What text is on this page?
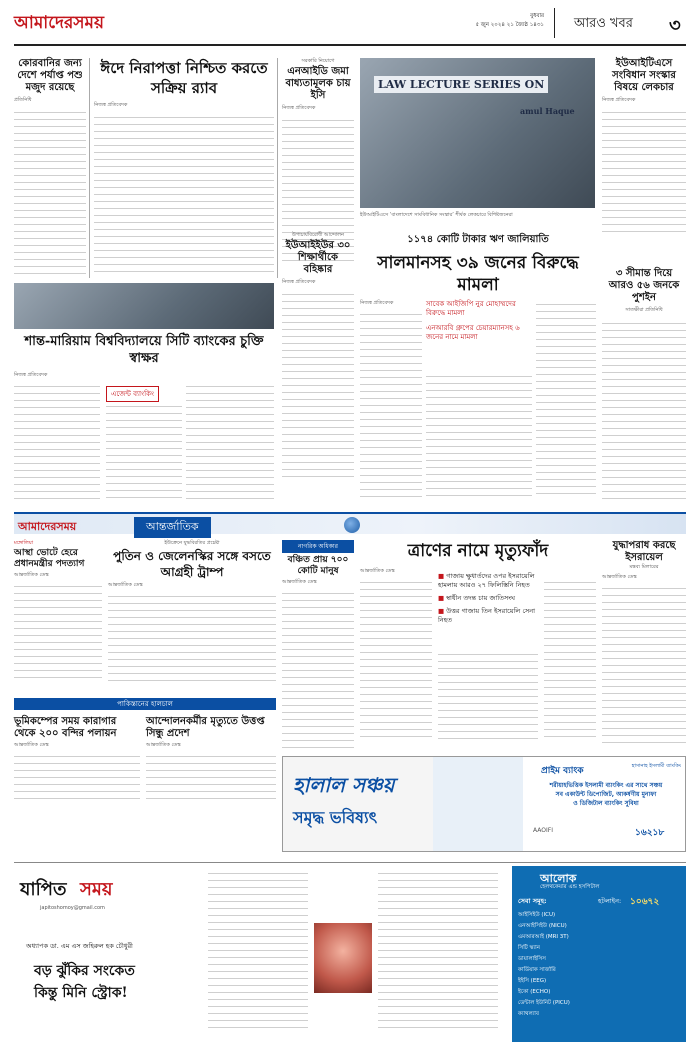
আমাদেরসময়	বুধবার
৫ জুন ২০২৪ ২১ জ্যৈষ্ঠ ১৪৩১ আরও খবর ৩
কোরবানির জন্য দেশে পর্যাপ্ত পশু মজুদ রয়েছে
প্রতিনিধি
ঈদে নিরাপত্তা নিশ্চিত করতে সক্রিয় র‌্যাব
নিজস্ব প্রতিবেদক
সরকারি নিয়োগে
এনআইডি জমা বাধ্যতামূলক চায় ইসি
নিজস্ব প্রতিবেদক
LAW LECTURE SERIES ON
amul Haque
ইউআইটিএসে ‘বাংলাদেশে সাংবিধানিক সংস্কার’ শীর্ষক লেকচারে বিশিষ্টজনেরা
ইউআইটিএসে সংবিধান সংস্কার বিষয়ে লেকচার
নিজস্ব প্রতিবেদক
৩ সীমান্ত দিয়ে আরও ৫৬ জনকে পুশইন
সাতক্ষীরা প্রতিনিধি
১১৭৪ কোটি টাকার ঋণ জালিয়াতি
সালমানসহ ৩৯ জনের বিরুদ্ধে মামলা
সাবেক আইজিপি নুর মোহাম্মদের বিরুদ্ধে মামলা
এনআরবি গ্রুপের চেয়ারম্যানসহ ৬ জনের নামে মামলা
নিজস্ব প্রতিবেদক
উপাচার্যবিরোধী আন্দোলন
ইউআইইউর ৩০ শিক্ষার্থীকে বহিষ্কার
নিজস্ব প্রতিবেদক
শান্ত-মারিয়াম বিশ্ববিদ্যালয়ে সিটি ব্যাংকের চুক্তি স্বাক্ষর
নিজস্ব প্রতিবেদক
এজেন্ট ব্যাংকিং
আমাদেরসময়	আন্তর্জাতিক
মঙ্গোলিয়া
আস্থা ভোটে হেরে প্রধানমন্ত্রীর পদত্যাগ
আন্তর্জাতিক ডেস্ক
ইউক্রেনে যুদ্ধবিরতির প্রচেষ্টা
পুতিন ও জেলেনস্কির সঙ্গে বসতে আগ্রহী ট্রাম্প
আন্তর্জাতিক ডেস্ক
নাগরিক অধিকার
বঞ্চিত প্রায় ৭০০ কোটি মানুষ
আন্তর্জাতিক ডেস্ক
ত্রাণের নামে মৃত্যুফাঁদ
আন্তর্জাতিক ডেস্ক
■ গাজায় ক্ষুধার্তদের ওপর ইসরায়েলি হামলায় আরও ২৭ ফিলিস্তিনি নিহত
■ ম্বাধীন তদন্ত চায় জাতিসংঘ
■ উত্তর গাজায় তিন ইসরায়েলি সেনা নিহত
যুদ্ধাপরাধ করছে ইসরায়েল
মন্তব্য মিলারের
আন্তর্জাতিক ডেস্ক
পাকিস্তানের হালচাল
ভূমিকম্পের সময় কারাগার থেকে ২০০ বন্দির পলায়ন
আন্তর্জাতিক ডেস্ক
আন্দোলনকর্মীর মৃত্যুতে উত্তপ্ত সিন্ধু প্রদেশ
আন্তর্জাতিক ডেস্ক
হালাল সঞ্চয়
সমৃদ্ধ ভবিষ্যৎ
প্রাইম ব্যাংক	হাসানাহ ইসলামী ব্যাংকিং
শরীয়াহভিত্তিক ইসলামী ব্যাংকিং এর সাথে সঞ্চয়
সব একাউন্ট ডিপোজিট, আকর্ষণীয় মুনাফা
ও ডিজিটাল ব্যাংকিং সুবিধা
AAOIFI	১৬২১৮
যাপিত সময়
japitoshomoy@gmail.com
অধ্যাপক ডা. এম এস জহিরুল হক চৌধুরী
বড় ঝুঁকির সংকেত
কিন্তু মিনি স্ট্রোক!
আলোক
হেলথকেয়ার এন্ড হসপিটাল
সেবা সমূহ:	হটলাইন: ১০৬৭২
আইসিইউ (ICU)
এনআইসিইউ (NICU)
এমআরআই (MRI 3T)
সিটি স্ক্যান
ডায়ালাইসিস
কার্ডিয়াক সার্জারি
ইইসি (EEG)
ইকো (ECHO)
ডেন্টাল ইউনিট (PICU)
ক্যাথল্যাব
